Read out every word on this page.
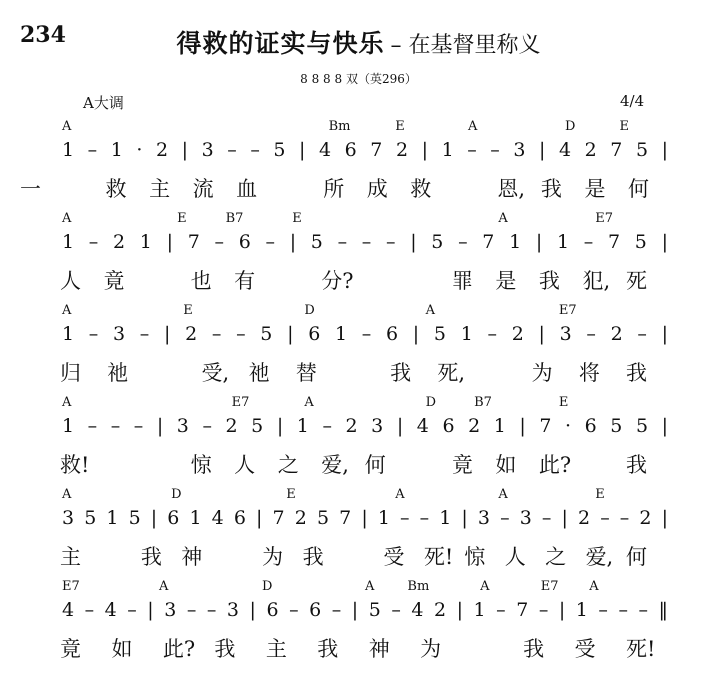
234	得救的证实与快乐 – 在基督里称义
8 8 8 8 双（英296）
A大调	4/4
A	Bm	E	A	D	E
1 – 1 · 2 | 3 – – 5 | 4 6 7 2 | 1 – – 3 | 4 2 7 5 |
一	救 主 流 血	所 成 救	恩, 我 是 何
A	E	B7	E	A	E7
1 – 2 1 | 7 – 6 – | 5 – – – | 5 – 7 1 | 1 – 7 5 |
人 竟	也 有	分?	罪 是 我 犯, 死
A	E	D	A	E7
1 – 3 – | 2 – – 5 | 6 1 – 6 | 5 1 – 2 | 3 – 2 – |
归 祂	受, 祂 替	我 死,	为 将 我
A	E7	A	D	B7	E
1 – – – | 3 – 2 5 | 1 – 2 3 | 4 6 2 1 | 7 · 6 5 5 |
救!	惊 人 之 爱, 何	竟 如 此?	我
A	D	E	A	A	E
3 5 1 5 | 6 1 4 6 | 7 2 5 7 | 1 – – 1 | 3 – 3 – | 2 – – 2 |
主	我 神	为 我	受 死! 惊 人 之 爱, 何
E7	A	D	A	Bm	A	E7 A
4 – 4 – | 3 – – 3 | 6 – 6 – | 5 – 4 2 | 1 – 7 – | 1 – – – ‖
竟 如 此? 我 主 我 神 为	我 受 死!
